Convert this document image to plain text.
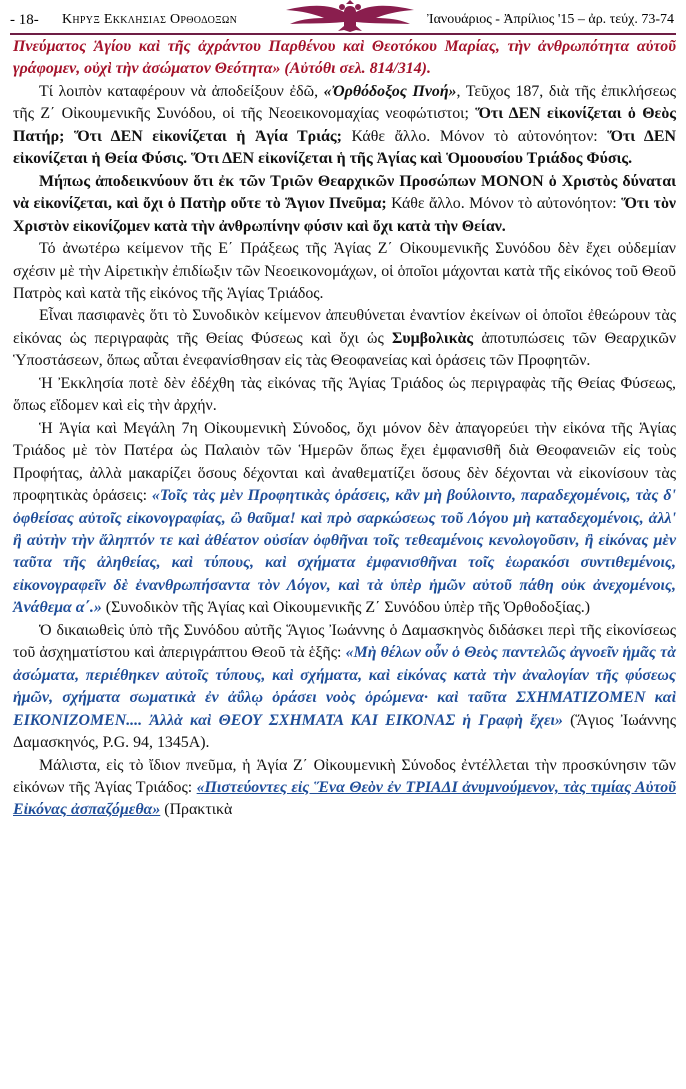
- 18- Κηρυξ Εκκλησιας Ορθοδοξων	Ἰανουάριος - Ἀπρίλιος '15 – ἀρ. τεύχ. 73-74

Πνεύματος Ἁγίου καὶ τῆς ἀχράντου Παρθένου καὶ Θεοτόκου Μαρίας, τὴν ἀνθρωπότητα αὐτοῦ γράφομεν, οὐχὶ τὴν ἀσώματον Θεότητα» (Αὐτόθι σελ. 814/314).

Τί λοιπὸν καταφέρουν νὰ ἀποδείξουν ἐδῶ, «Ὀρθόδοξος Πνοή», Τεῦχος 187, διὰ τῆς ἐπικλήσεως τῆς Ζ΄ Οἰκουμενικῆς Συνόδου, οἱ τῆς Νεοεικονομαχίας νεοφώτιστοι; Ὅτι ΔΕΝ εἰκονίζεται ὁ Θεὸς Πατήρ; Ὅτι ΔΕΝ εἰκονίζεται ἡ Ἁγία Τριάς; Κάθε ἄλλο. Μόνον τὸ αὐτονόητον: Ὅτι ΔΕΝ εἰκονίζεται ἡ Θεία Φύσις. Ὅτι ΔΕΝ εἰκονίζεται ἡ τῆς Ἁγίας καὶ Ὁμοουσίου Τριάδος Φύσις.

Μήπως ἀποδεικνύουν ὅτι ἐκ τῶν Τριῶν Θεαρχικῶν Προσώπων ΜΟΝΟΝ ὁ Χριστὸς δύναται νὰ εἰκονίζεται, καὶ ὄχι ὁ Πατὴρ οὔτε τὸ Ἅγιον Πνεῦμα; Κάθε ἄλλο. Μόνον τὸ αὐτονόητον: Ὅτι τὸν Χριστὸν εἰκονίζομεν κατὰ τὴν ἀνθρωπίνην φύσιν καὶ ὄχι κατὰ τὴν Θείαν.

Τό ἀνωτέρω κείμενον τῆς Ε΄ Πράξεως τῆς Ἁγίας Ζ΄ Οἰκουμενικῆς Συνόδου δὲν ἔχει οὐδεμίαν σχέσιν μὲ τὴν Αἱρετικὴν ἐπιδίωξιν τῶν Νεοεικονομάχων, οἱ ὁποῖοι μάχονται κατὰ τῆς εἰκόνος τοῦ Θεοῦ Πατρὸς καὶ κατὰ τῆς εἰκόνος τῆς Ἁγίας Τριάδος.

Εἶναι πασιφανὲς ὅτι τὸ Συνοδικὸν κείμενον ἀπευθύνεται ἐναντίον ἐκείνων οἱ ὁποῖοι ἐθεώρουν τὰς εἰκόνας ὡς περιγραφὰς τῆς Θείας Φύσεως καὶ ὄχι ὡς Συμβολικὰς ἀποτυπώσεις τῶν Θεαρχικῶν Ὑποστάσεων, ὅπως αὗται ἐνεφανίσθησαν εἰς τὰς Θεοφανείας καὶ ὁράσεις τῶν Προφητῶν.

Ἡ Ἐκκλησία ποτὲ δὲν ἐδέχθη τὰς εἰκόνας τῆς Ἁγίας Τριάδος ὡς περιγραφὰς τῆς Θείας Φύσεως, ὅπως εἴδομεν καὶ εἰς τὴν ἀρχήν.

Ἡ Ἁγία καὶ Μεγάλη 7η Οἰκουμενικὴ Σύνοδος, ὄχι μόνον δὲν ἀπαγορεύει τὴν εἰκόνα τῆς Ἁγίας Τριάδος μὲ τὸν Πατέρα ὡς Παλαιὸν τῶν Ἡμερῶν ὅπως ἔχει ἐμφανισθῆ διὰ Θεοφανειῶν εἰς τοὺς Προφήτας, ἀλλὰ μακαρίζει ὅσους δέχονται καὶ ἀναθεματίζει ὅσους δὲν δέχονται νὰ εἰκονίσουν τὰς προφητικὰς ὁράσεις: «Τοῖς τὰς μὲν Προφητικὰς ὁράσεις, κἂν μὴ βούλοιντο, παραδεχομένοις, τὰς δ' ὀφθείσας αὐτοῖς εἰκονογραφίας, ὢ θαῦμα! καὶ πρὸ σαρκώσεως τοῦ Λόγου μὴ καταδεχομένοις, ἀλλ' ἢ αὐτὴν τὴν ἄληπτόν τε καὶ ἀθέατον οὐσίαν ὀφθῆναι τοῖς τεθεαμένοις κενολογοῦσιν, ἢ εἰκόνας μὲν ταῦτα τῆς ἀληθείας, καὶ τύπους, καὶ σχήματα ἐμφανισθῆναι τοῖς ἑωρακόσι συντιθεμένοις, εἰκονογραφεῖν δὲ ἐνανθρωπήσαντα τὸν Λόγον, καὶ τὰ ὑπὲρ ἡμῶν αὐτοῦ πάθη οὐκ ἀνεχομένοις, Ἀνάθεμα α΄.» (Συνοδικὸν τῆς Ἁγίας καὶ Οἰκουμενικῆς Ζ΄ Συνόδου ὑπὲρ τῆς Ὀρθοδοξίας.)

Ὁ δικαιωθεὶς ὑπὸ τῆς Συνόδου αὐτῆς Ἅγιος Ἰωάννης ὁ Δαμασκηνὸς διδάσκει περὶ τῆς εἰκονίσεως τοῦ ἀσχηματίστου καὶ ἀπεριγράπτου Θεοῦ τὰ ἑξῆς: «Μὴ θέλων οὖν ὁ Θεὸς παντελῶς ἀγνοεῖν ἡμᾶς τὰ ἀσώματα, περιέθηκεν αὐτοῖς τύπους, καὶ σχήματα, καὶ εἰκόνας κατὰ τὴν ἀναλογίαν τῆς φύσεως ἡμῶν, σχήματα σωματικὰ ἐν ἀΰλῳ ὁράσει νοὸς ὁρώμενα· καὶ ταῦτα ΣΧΗΜΑΤΙΖΟΜΕΝ καὶ ΕΙΚΟΝΙΖΟΜΕΝ.... Ἀλλὰ καὶ ΘΕΟΥ ΣΧΗΜΑΤΑ ΚΑΙ ΕΙΚΟΝΑΣ ἡ Γραφὴ ἔχει» (Ἅγιος Ἰωάννης Δαμασκηνός, P.G. 94, 1345A).

Μάλιστα, εἰς τὸ ἴδιον πνεῦμα, ἡ Ἁγία Ζ΄ Οἰκουμενικὴ Σύνοδος ἐντέλλεται τὴν προσκύνησιν τῶν εἰκόνων τῆς Ἁγίας Τριάδος: «Πιστεύοντες εἰς Ἕνα Θεὸν ἐν ΤΡΙΑΔΙ ἀνυμνούμενον, τὰς τιμίας Αὐτοῦ Εἰκόνας ἀσπαζόμεθα» (Πρακτικὰ
